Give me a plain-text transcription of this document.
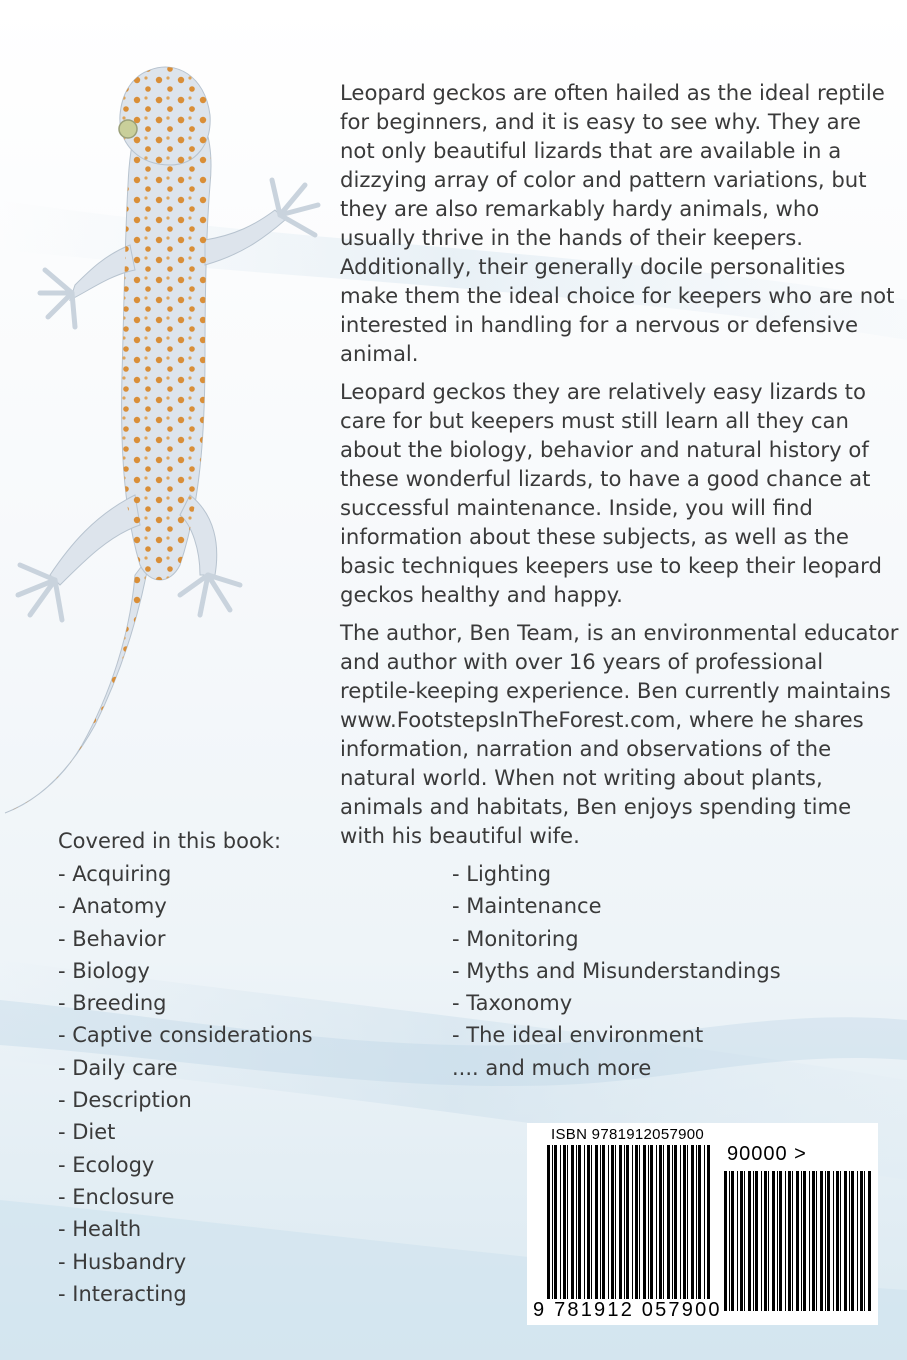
Leopard geckos are often hailed as the ideal reptile for beginners, and it is easy to see why. They are not only beautiful lizards that are available in a dizzying array of color and pattern variations, but they are also remarkably hardy animals, who usually thrive in the hands of their keepers. Additionally, their generally docile personalities make them the ideal choice for keepers who are not interested in handling for a nervous or defensive animal.

Leopard geckos they are relatively easy lizards to care for but keepers must still learn all they can about the biology, behavior and natural history of these wonderful lizards, to have a good chance at successful maintenance. Inside, you will find information about these subjects, as well as the basic techniques keepers use to keep their leopard geckos healthy and happy.

The author, Ben Team, is an environmental educator and author with over 16 years of professional reptile-keeping experience. Ben currently maintains www.FootstepsInTheForest.com, where he shares information, narration and observations of the natural world. When not writing about plants, animals and habitats, Ben enjoys spending time with his beautiful wife.

Covered in this book:
- Acquiring
- Anatomy
- Behavior
- Biology
- Breeding
- Captive considerations
- Daily care
- Description
- Diet
- Ecology
- Enclosure
- Health
- Husbandry
- Interacting
- Lighting
- Maintenance
- Monitoring
- Myths and Misunderstandings
- Taxonomy
- The ideal environment
.... and much more
ISBN 9781912057900
90000 >
9 781912 057900
